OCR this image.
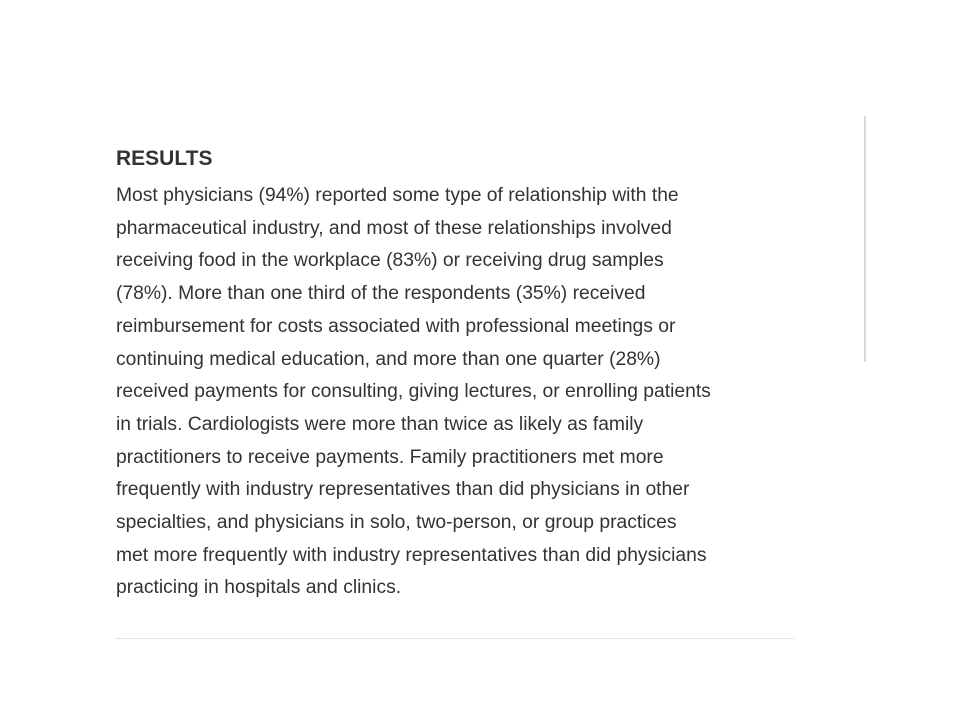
RESULTS

Most physicians (94%) reported some type of relationship with the
pharmaceutical industry, and most of these relationships involved
receiving food in the workplace (83%) or receiving drug samples
(78%). More than one third of the respondents (35%) received
reimbursement for costs associated with professional meetings or
continuing medical education, and more than one quarter (28%)
received payments for consulting, giving lectures, or enrolling patients
in trials. Cardiologists were more than twice as likely as family
practitioners to receive payments. Family practitioners met more
frequently with industry representatives than did physicians in other
specialties, and physicians in solo, two-person, or group practices
met more frequently with industry representatives than did physicians
practicing in hospitals and clinics.
